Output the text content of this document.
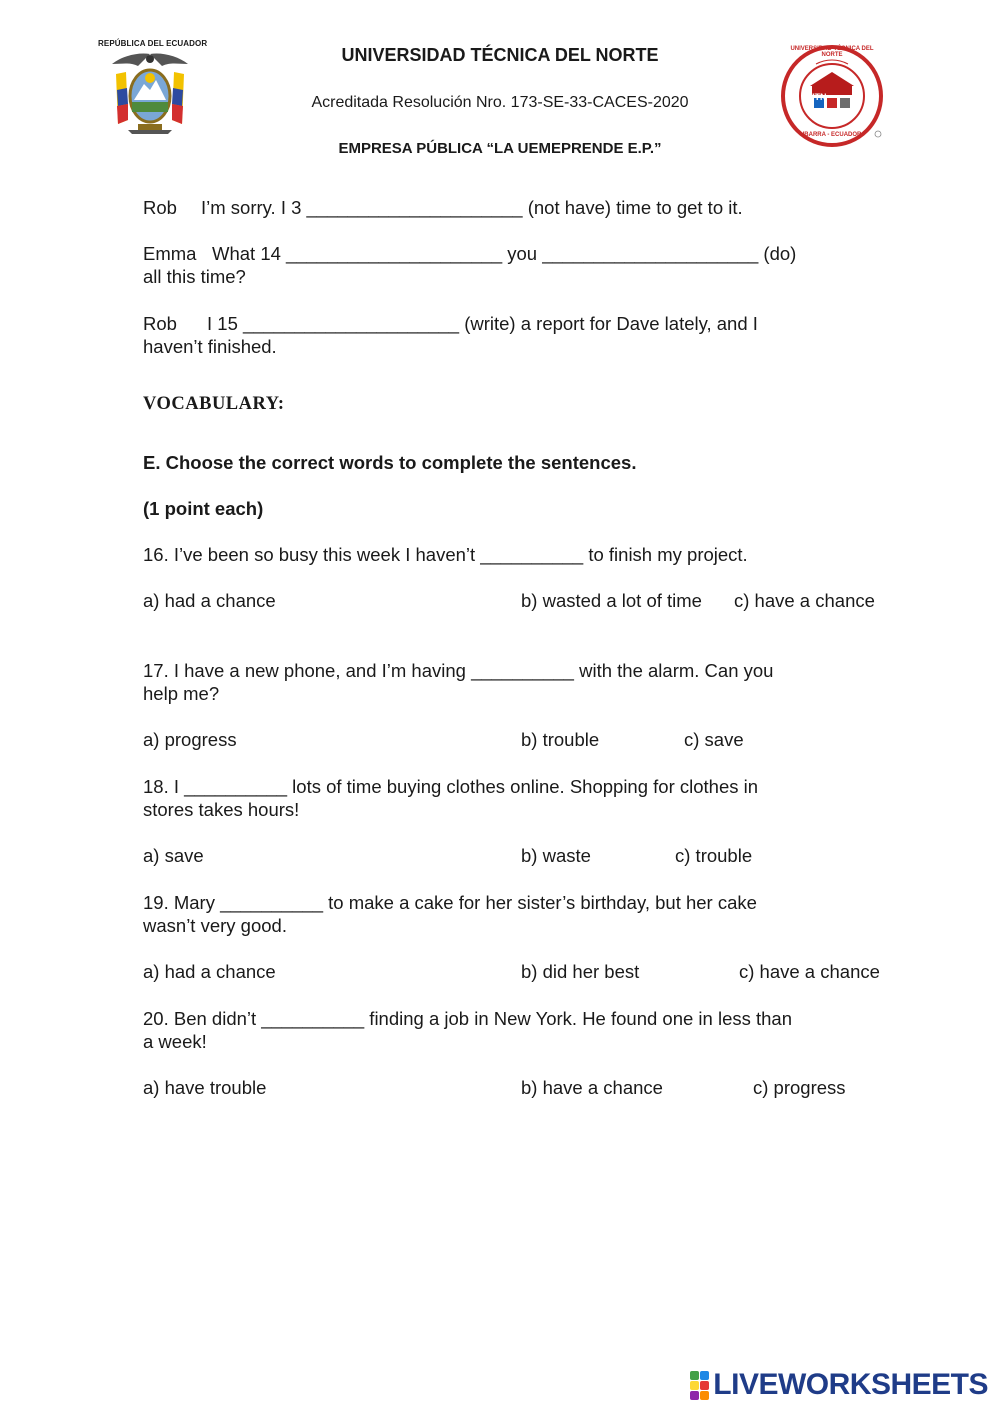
REPÚBLICA DEL ECUADOR
UNIVERSIDAD TÉCNICA DEL NORTE
Acreditada Resolución Nro. 173-SE-33-CACES-2020
EMPRESA PÚBLICA “LA UEMEPRENDE E.P.”
UTN
UNIVERSIDAD TÉCNICA DEL NORTE
IBARRA - ECUADOR
Rob I’m sorry. I 3 _____________________ (not have) time to get to it.
Emma What 14 _____________________ you _____________________ (do)
all this time?
Rob I 15 _____________________ (write) a report for Dave lately, and I
haven’t finished.
VOCABULARY:
E. Choose the correct words to complete the sentences.
(1 point each)
16. I’ve been so busy this week I haven’t __________ to finish my project.
a) had a chance	b) wasted a lot of time c) have a chance
17. I have a new phone, and I’m having __________ with the alarm. Can you
help me?
a) progress	b) trouble	c) save
18. I __________ lots of time buying clothes online. Shopping for clothes in
stores takes hours!
a) save	b) waste	c) trouble
19. Mary __________ to make a cake for her sister’s birthday, but her cake
wasn’t very good.
a) had a chance	b) did her best	c) have a chance
20. Ben didn’t __________ finding a job in New York. He found one in less than
a week!
a) have trouble	b) have a chance	c) progress
LIVEWORKSHEETS
